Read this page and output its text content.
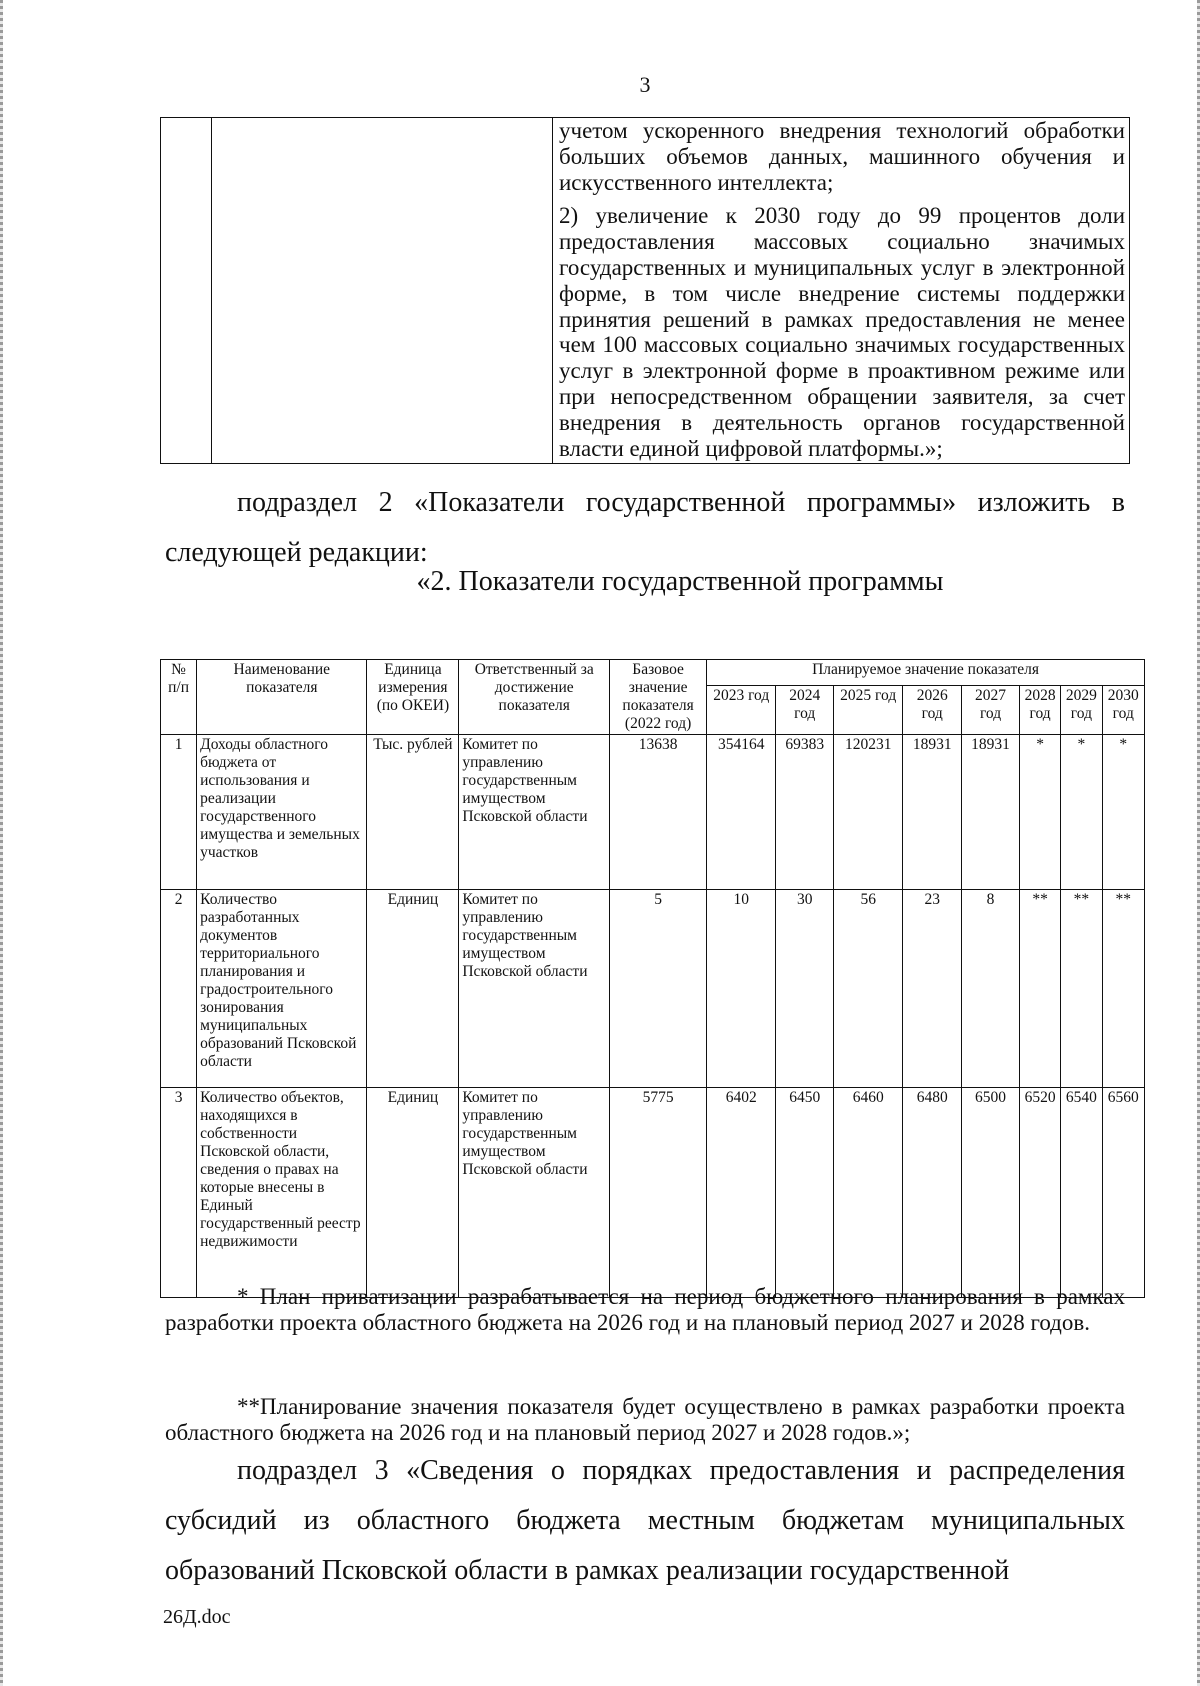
3

учетом ускоренного внедрения технологий обработки больших объемов данных, машинного обучения и искусственного интеллекта;

2) увеличение к 2030 году до 99 процентов доли предоставления массовых социально значимых государственных и муниципальных услуг в электронной форме, в том числе внедрение системы поддержки принятия решений в рамках предоставления не менее чем 100 массовых социально значимых государственных услуг в электронной форме в проактивном режиме или при непосредственном обращении заявителя, за счет внедрения в деятельность органов государственной власти единой цифровой платформы.»;

подраздел 2 «Показатели государственной программы» изложить в следующей редакции:

«2. Показатели государственной программы

№ п/п	Наименование показателя	Единица измерения (по ОКЕИ)	Ответственный за достижение показателя	Базовое значение показателя (2022 год)	Планируемое значение показателя							
					2023 год	2024 год	2025 год	2026 год	2027 год	2028 год	2029 год	2030 год
1	Доходы областного бюджета от использования и реализации государственного имущества и земельных участков	Тыс. рублей	Комитет по управлению государственным имуществом Псковской области	13638	354164	69383	120231	18931	18931	*	*	*
2	Количество разработанных документов территориального планирования и градостроительного зонирования муниципальных образований Псковской области	Единиц	Комитет по управлению государственным имуществом Псковской области	5	10	30	56	23	8	**	**	**
3	Количество объектов, находящихся в собственности Псковской области, сведения о правах на которые внесены в Единый государственный реестр недвижимости	Единиц	Комитет по управлению государственным имуществом Псковской области	5775	6402	6450	6460	6480	6500	6520	6540	6560

* План приватизации разрабатывается на период бюджетного планирования в рамках разработки проекта областного бюджета на 2026 год и на плановый период 2027 и 2028 годов.

**Планирование значения показателя будет осуществлено в рамках разработки проекта областного бюджета на 2026 год и на плановый период 2027 и 2028 годов.»;

подраздел 3 «Сведения о порядках предоставления и распределения субсидий из областного бюджета местным бюджетам муниципальных образований Псковской области в рамках реализации государственной

26Д.doc
